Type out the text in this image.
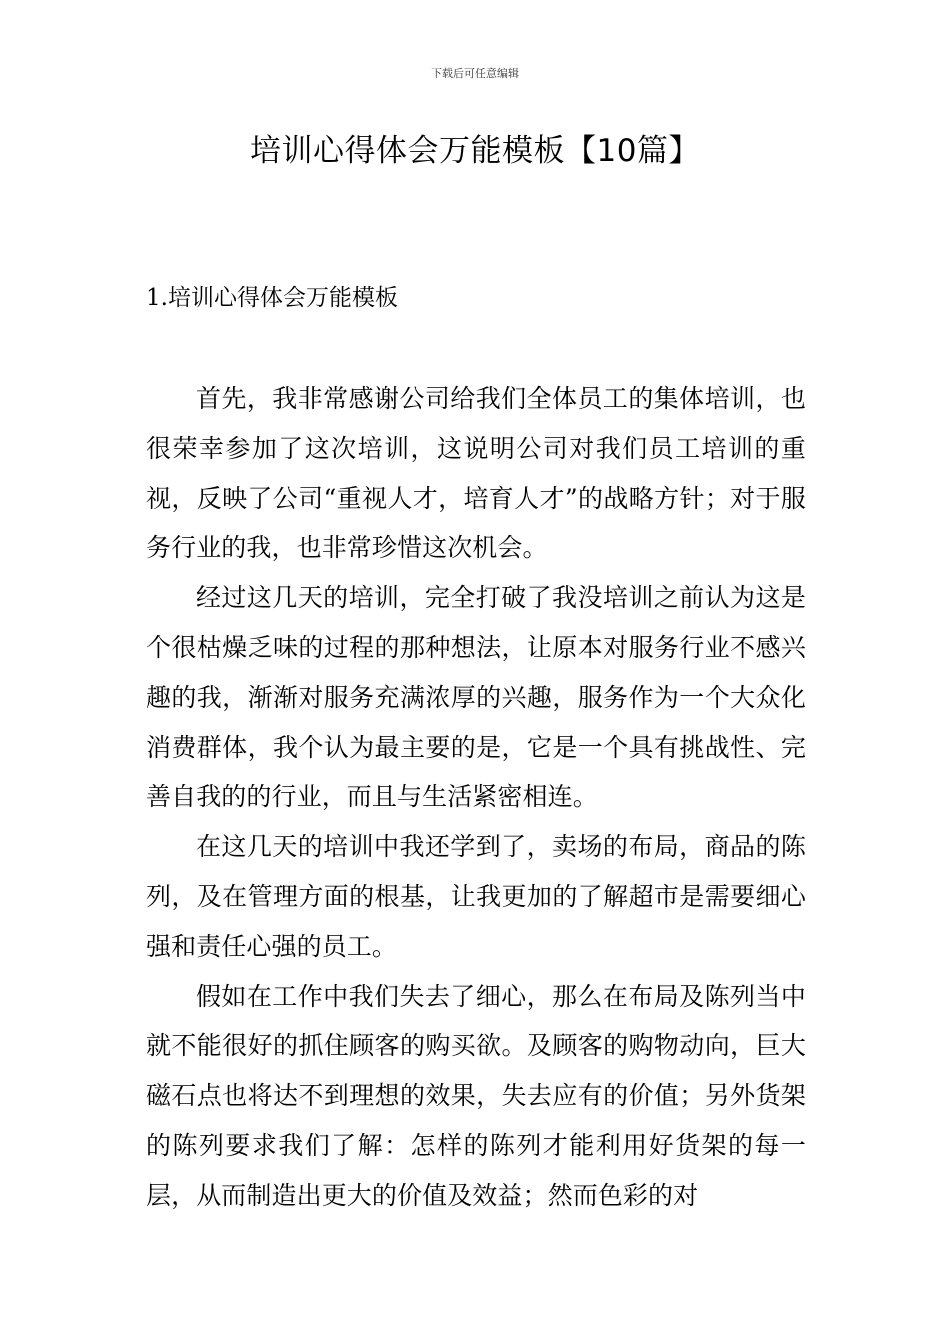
下载后可任意编辑
培训心得体会万能模板【10篇】
1.培训心得体会万能模板

首先，我非常感谢公司给我们全体员工的集体培训，也很荣幸参加了这次培训，这说明公司对我们员工培训的重视，反映了公司“重视人才，培育人才”的战略方针；对于服务行业的我，也非常珍惜这次机会。

经过这几天的培训，完全打破了我没培训之前认为这是个很枯燥乏味的过程的那种想法，让原本对服务行业不感兴趣的我，渐渐对服务充满浓厚的兴趣，服务作为一个大众化消费群体，我个认为最主要的是，它是一个具有挑战性、完善自我的的行业，而且与生活紧密相连。

在这几天的培训中我还学到了，卖场的布局，商品的陈列，及在管理方面的根基，让我更加的了解超市是需要细心强和责任心强的员工。

假如在工作中我们失去了细心，那么在布局及陈列当中就不能很好的抓住顾客的购买欲。及顾客的购物动向，巨大磁石点也将达不到理想的效果，失去应有的价值；另外货架的陈列要求我们了解：怎样的陈列才能利用好货架的每一层，从而制造出更大的价值及效益；然而色彩的对
